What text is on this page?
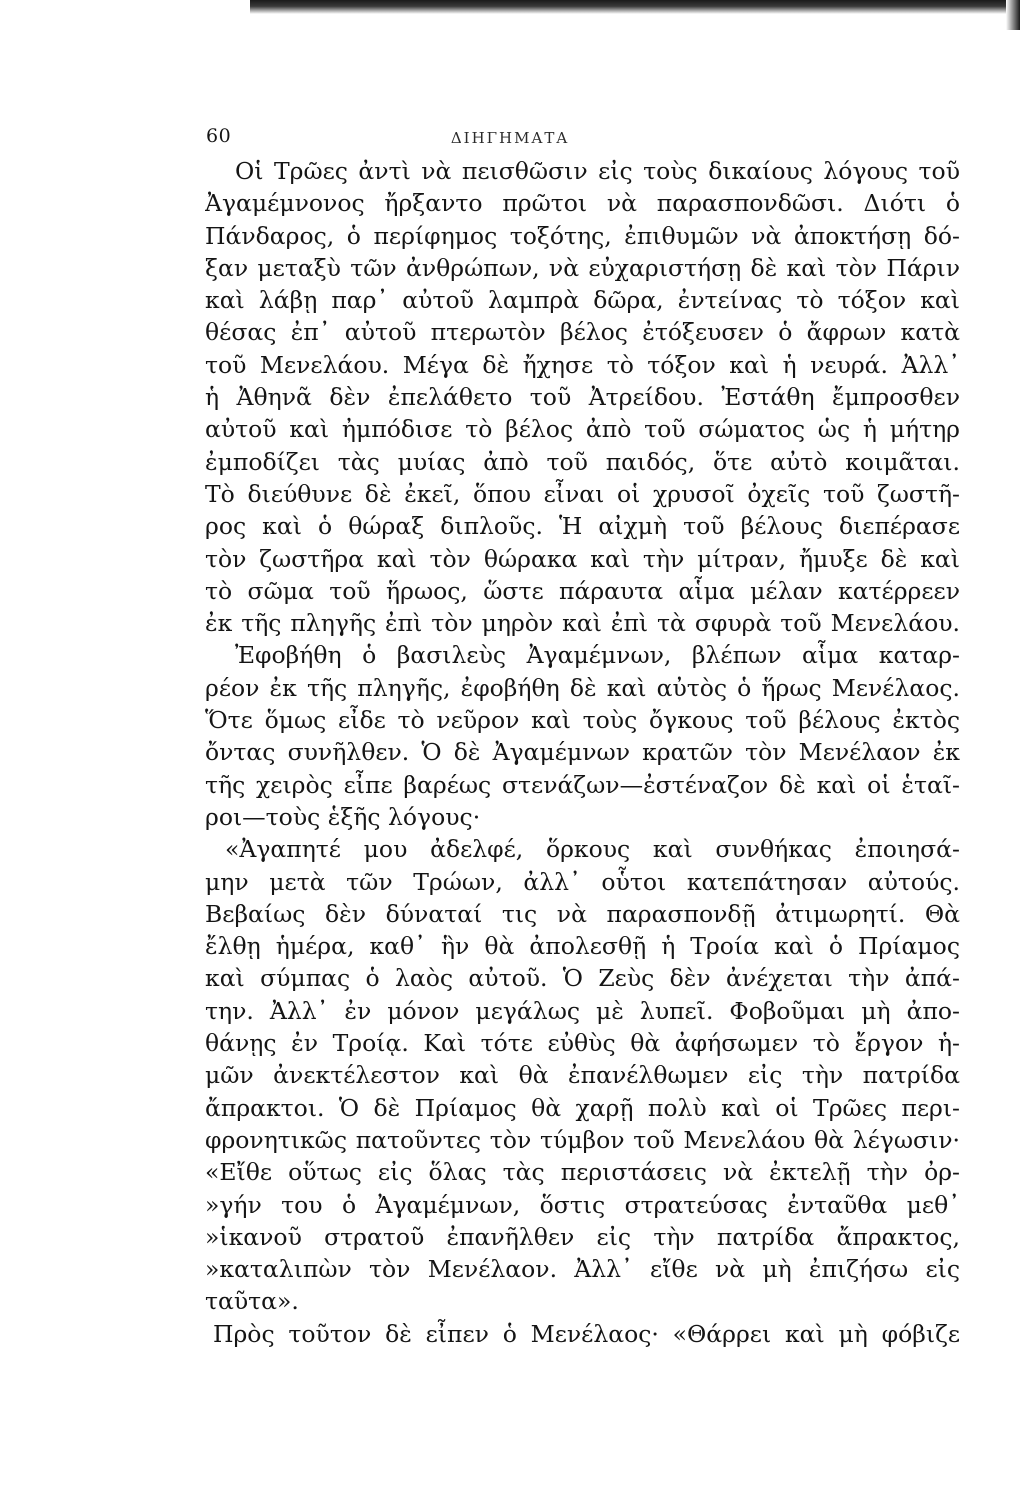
60	ΔΙΗΓΗΜΑΤΑ
Οἱ Τρῶες ἀντὶ νὰ πεισθῶσιν εἰς τοὺς δικαίους λόγους τοῦ
Ἀγαμέμνονος ἤρξαντο πρῶτοι νὰ παρασπονδῶσι. Διότι ὁ
Πάνδαρος, ὁ περίφημος τοξότης, ἐπιθυμῶν νὰ ἀποκτήσῃ δό-
ξαν μεταξὺ τῶν ἀνθρώπων, νὰ εὐχαριστήσῃ δὲ καὶ τὸν Πάριν
καὶ λάβῃ παρ᾽ αὐτοῦ λαμπρὰ δῶρα, ἐντείνας τὸ τόξον καὶ
θέσας ἐπ᾽ αὐτοῦ πτερωτὸν βέλος ἐτόξευσεν ὁ ἄφρων κατὰ
τοῦ Μενελάου. Μέγα δὲ ἤχησε τὸ τόξον καὶ ἡ νευρά. Ἀλλ᾽
ἡ Ἀθηνᾶ δὲν ἐπελάθετο τοῦ Ἀτρείδου. Ἐστάθη ἔμπροσθεν
αὐτοῦ καὶ ἠμπόδισε τὸ βέλος ἀπὸ τοῦ σώματος ὡς ἡ μήτηρ
ἐμποδίζει τὰς μυίας ἀπὸ τοῦ παιδός, ὅτε αὐτὸ κοιμᾶται.
Τὸ διεύθυνε δὲ ἐκεῖ, ὅπου εἶναι οἱ χρυσοῖ ὀχεῖς τοῦ ζωστῆ-
ρος καὶ ὁ θώραξ διπλοῦς. Ἡ αἰχμὴ τοῦ βέλους διεπέρασε
τὸν ζωστῆρα καὶ τὸν θώρακα καὶ τὴν μίτραν, ἤμυξε δὲ καὶ
τὸ σῶμα τοῦ ἥρωος, ὥστε πάραυτα αἷμα μέλαν κατέρρεεν
ἐκ τῆς πληγῆς ἐπὶ τὸν μηρὸν καὶ ἐπὶ τὰ σφυρὰ τοῦ Μενελάου.
Ἐφοβήθη ὁ βασιλεὺς Ἀγαμέμνων, βλέπων αἷμα καταρ-
ρέον ἐκ τῆς πληγῆς, ἐφοβήθη δὲ καὶ αὐτὸς ὁ ἥρως Μενέλαος.
Ὅτε ὅμως εἶδε τὸ νεῦρον καὶ τοὺς ὄγκους τοῦ βέλους ἐκτὸς
ὄντας συνῆλθεν. Ὁ δὲ Ἀγαμέμνων κρατῶν τὸν Μενέλαον ἐκ
τῆς χειρὸς εἶπε βαρέως στενάζων—ἐστέναζον δὲ καὶ οἱ ἑταῖ-
ροι—τοὺς ἑξῆς λόγους·
«Ἀγαπητέ μου ἀδελφέ, ὅρκους καὶ συνθήκας ἐποιησά-
μην μετὰ τῶν Τρώων, ἀλλ᾽ οὗτοι κατεπάτησαν αὐτούς.
Βεβαίως δὲν δύναταί τις νὰ παρασπονδῇ ἀτιμωρητί. Θὰ
ἔλθῃ ἡμέρα, καθ᾽ ἣν θὰ ἀπολεσθῇ ἡ Τροία καὶ ὁ Πρίαμος
καὶ σύμπας ὁ λαὸς αὐτοῦ. Ὁ Ζεὺς δὲν ἀνέχεται τὴν ἀπά-
την. Ἀλλ᾽ ἐν μόνον μεγάλως μὲ λυπεῖ. Φοβοῦμαι μὴ ἀπο-
θάνῃς ἐν Τροίᾳ. Καὶ τότε εὐθὺς θὰ ἀφήσωμεν τὸ ἔργον ἡ-
μῶν ἀνεκτέλεστον καὶ θὰ ἐπανέλθωμεν εἰς τὴν πατρίδα
ἄπρακτοι. Ὁ δὲ Πρίαμος θὰ χαρῇ πολὺ καὶ οἱ Τρῶες περι-
φρονητικῶς πατοῦντες τὸν τύμβον τοῦ Μενελάου θὰ λέγωσιν·
«Εἴθε οὕτως εἰς ὅλας τὰς περιστάσεις νὰ ἐκτελῇ τὴν ὀρ-
»γήν του ὁ Ἀγαμέμνων, ὅστις στρατεύσας ἐνταῦθα μεθ᾽
»ἱκανοῦ στρατοῦ ἐπανῆλθεν εἰς τὴν πατρίδα ἄπρακτος,
»καταλιπὼν τὸν Μενέλαον. Ἀλλ᾽ εἴθε νὰ μὴ ἐπιζήσω εἰς
ταῦτα».
Πρὸς τοῦτον δὲ εἶπεν ὁ Μενέλαος· «Θάρρει καὶ μὴ φόβιζε
